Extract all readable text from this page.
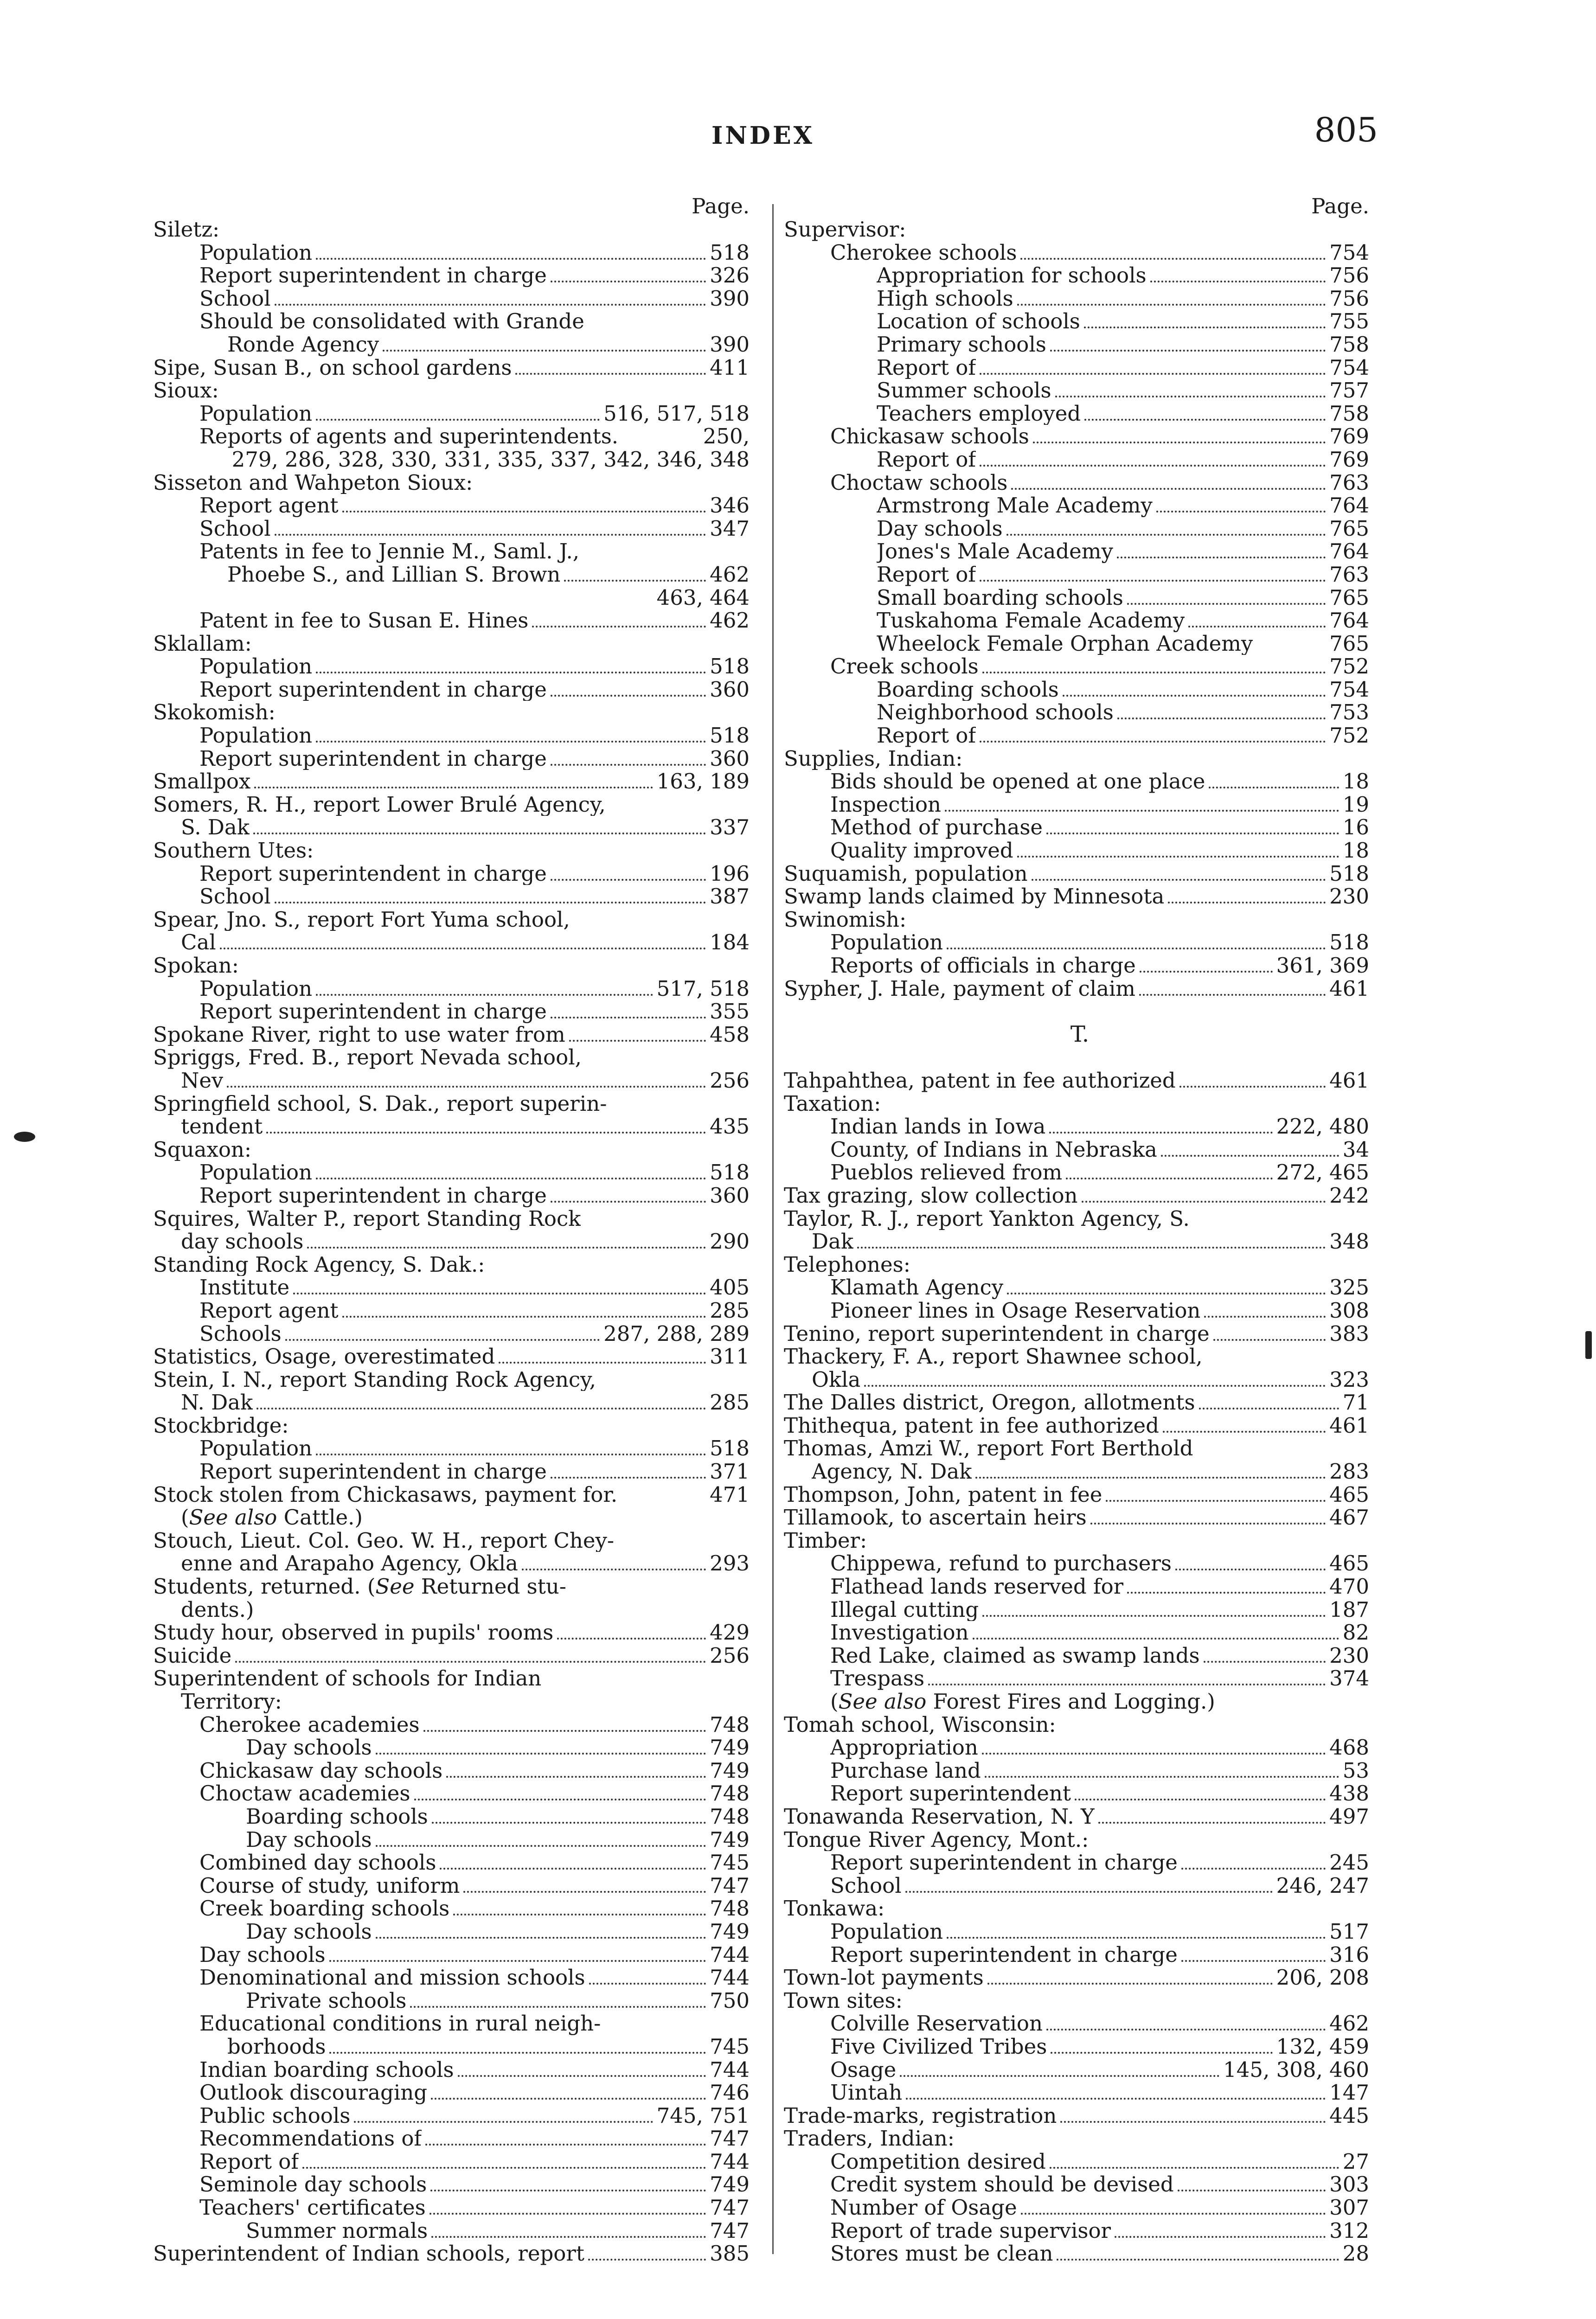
INDEX	805
Page.
Siletz:
Population	518
Report superintendent in charge	326
School	390
Should be consolidated with Grande
Ronde Agency	390
Sipe, Susan B., on school gardens	411
Sioux:
Population	516, 517, 518
Reports of agents and superintendents.	250,
279, 286, 328, 330, 331, 335, 337, 342, 346, 348
Sisseton and Wahpeton Sioux:
Report agent	346
School	347
Patents in fee to Jennie M., Saml. J.,
Phoebe S., and Lillian S. Brown	462
463, 464
Patent in fee to Susan E. Hines	462
Sklallam:
Population	518
Report superintendent in charge	360
Skokomish:
Population	518
Report superintendent in charge	360
Smallpox	163, 189
Somers, R. H., report Lower Brulé Agency,
S. Dak	337
Southern Utes:
Report superintendent in charge	196
School	387
Spear, Jno. S., report Fort Yuma school,
Cal	184
Spokan:
Population	517, 518
Report superintendent in charge	355
Spokane River, right to use water from	458
Spriggs, Fred. B., report Nevada school,
Nev	256
Springfield school, S. Dak., report superin-
tendent	435
Squaxon:
Population	518
Report superintendent in charge	360
Squires, Walter P., report Standing Rock
day schools	290
Standing Rock Agency, S. Dak.:
Institute	405
Report agent	285
Schools	287, 288, 289
Statistics, Osage, overestimated	311
Stein, I. N., report Standing Rock Agency,
N. Dak	285
Stockbridge:
Population	518
Report superintendent in charge	371
Stock stolen from Chickasaws, payment for.	471
(See also Cattle.)
Stouch, Lieut. Col. Geo. W. H., report Chey-
enne and Arapaho Agency, Okla	293
Students, returned. (See Returned stu-
dents.)
Study hour, observed in pupils' rooms	429
Suicide	256
Superintendent of schools for Indian
Territory:
Cherokee academies	748
Day schools	749
Chickasaw day schools	749
Choctaw academies	748
Boarding schools	748
Day schools	749
Combined day schools	745
Course of study, uniform	747
Creek boarding schools	748
Day schools	749
Day schools	744
Denominational and mission schools	744
Private schools	750
Educational conditions in rural neigh-
borhoods	745
Indian boarding schools	744
Outlook discouraging	746
Public schools	745, 751
Recommendations of	747
Report of	744
Seminole day schools	749
Teachers' certificates	747
Summer normals	747
Superintendent of Indian schools, report	385
Page.
Supervisor:
Cherokee schools	754
Appropriation for schools	756
High schools	756
Location of schools	755
Primary schools	758
Report of	754
Summer schools	757
Teachers employed	758
Chickasaw schools	769
Report of	769
Choctaw schools	763
Armstrong Male Academy	764
Day schools	765
Jones's Male Academy	764
Report of	763
Small boarding schools	765
Tuskahoma Female Academy	764
Wheelock Female Orphan Academy	765
Creek schools	752
Boarding schools	754
Neighborhood schools	753
Report of	752
Supplies, Indian:
Bids should be opened at one place	18
Inspection	19
Method of purchase	16
Quality improved	18
Suquamish, population	518
Swamp lands claimed by Minnesota	230
Swinomish:
Population	518
Reports of officials in charge	361, 369
Sypher, J. Hale, payment of claim	461
T.
Tahpahthea, patent in fee authorized	461
Taxation:
Indian lands in Iowa	222, 480
County, of Indians in Nebraska	34
Pueblos relieved from	272, 465
Tax grazing, slow collection	242
Taylor, R. J., report Yankton Agency, S.
Dak	348
Telephones:
Klamath Agency	325
Pioneer lines in Osage Reservation	308
Tenino, report superintendent in charge	383
Thackery, F. A., report Shawnee school,
Okla	323
The Dalles district, Oregon, allotments	71
Thithequa, patent in fee authorized	461
Thomas, Amzi W., report Fort Berthold
Agency, N. Dak	283
Thompson, John, patent in fee	465
Tillamook, to ascertain heirs	467
Timber:
Chippewa, refund to purchasers	465
Flathead lands reserved for	470
Illegal cutting	187
Investigation	82
Red Lake, claimed as swamp lands	230
Trespass	374
(See also Forest Fires and Logging.)
Tomah school, Wisconsin:
Appropriation	468
Purchase land	53
Report superintendent	438
Tonawanda Reservation, N. Y	497
Tongue River Agency, Mont.:
Report superintendent in charge	245
School	246, 247
Tonkawa:
Population	517
Report superintendent in charge	316
Town-lot payments	206, 208
Town sites:
Colville Reservation	462
Five Civilized Tribes	132, 459
Osage	145, 308, 460
Uintah	147
Trade-marks, registration	445
Traders, Indian:
Competition desired	27
Credit system should be devised	303
Number of Osage	307
Report of trade supervisor	312
Stores must be clean	28
